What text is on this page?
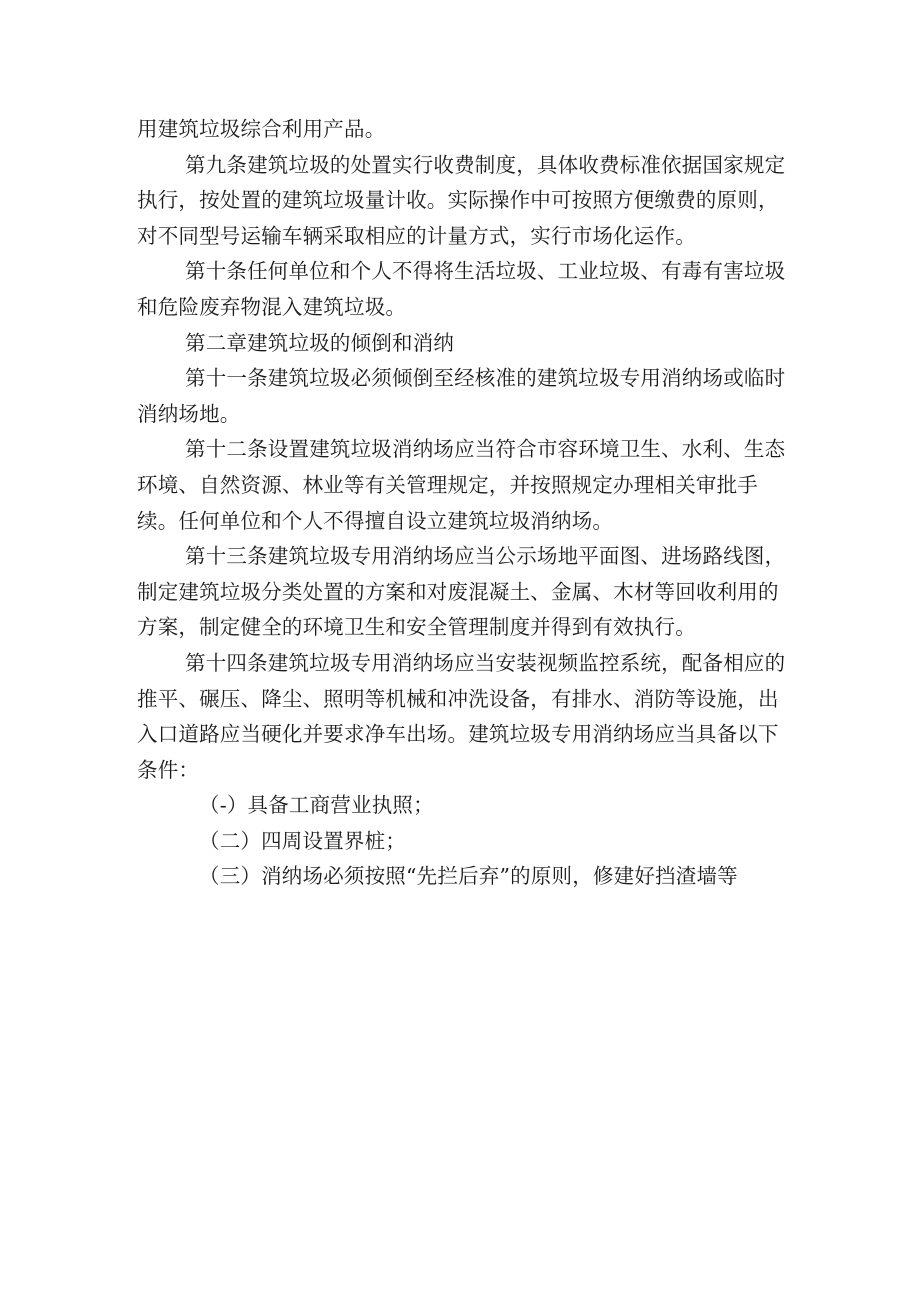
用建筑垃圾综合利用产品。

第九条建筑垃圾的处置实行收费制度，具体收费标准依据国家规定执行，按处置的建筑垃圾量计收。实际操作中可按照方便缴费的原则，对不同型号运输车辆采取相应的计量方式，实行市场化运作。

第十条任何单位和个人不得将生活垃圾、工业垃圾、有毒有害垃圾和危险废弃物混入建筑垃圾。

第二章建筑垃圾的倾倒和消纳

第十一条建筑垃圾必须倾倒至经核准的建筑垃圾专用消纳场或临时消纳场地。

第十二条设置建筑垃圾消纳场应当符合市容环境卫生、水利、生态环境、自然资源、林业等有关管理规定，并按照规定办理相关审批手续。任何单位和个人不得擅自设立建筑垃圾消纳场。

第十三条建筑垃圾专用消纳场应当公示场地平面图、进场路线图，制定建筑垃圾分类处置的方案和对废混凝土、金属、木材等回收利用的方案，制定健全的环境卫生和安全管理制度并得到有效执行。

第十四条建筑垃圾专用消纳场应当安装视频监控系统，配备相应的推平、碾压、降尘、照明等机械和冲洗设备，有排水、消防等设施，出入口道路应当硬化并要求净车出场。建筑垃圾专用消纳场应当具备以下条件：

（-）具备工商营业执照；

（二）四周设置界桩；

（三）消纳场必须按照“先拦后弃”的原则，修建好挡渣墙等
